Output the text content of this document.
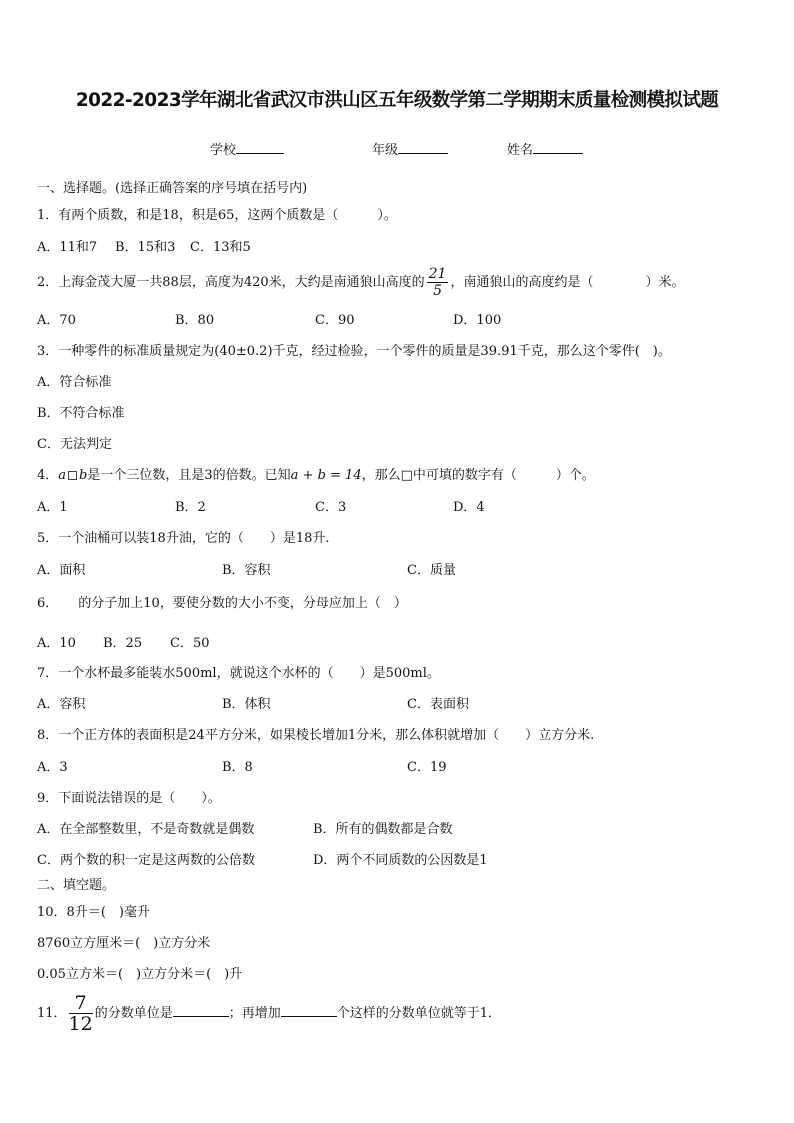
2022-2023学年湖北省武汉市洪山区五年级数学第二学期期末质量检测模拟试题
学校	年级	姓名
一、选择题。(选择正确答案的序号填在括号内)
1．有两个质数，和是18，积是65，这两个质数是（　　　）。
A．11和7 B．15和3 C．13和5
2．上海金茂大厦一共88层，高度为420米，大约是南通狼山高度的 $\frac{21}{5}$ ，南通狼山的高度约是（　　　　）米。
A．70	B．80	C．90	D．100
3．一种零件的标准质量规定为(40±0.2)千克，经过检验，一个零件的质量是39.91千克，那么这个零件(　)。
A．符合标准
B．不符合标准
C．无法判定
4．a b是一个三位数，且是3的倍数。已知a + b = 14，那么□中可填的数字有（　　　）个。
A．1	B．2	C．3	D．4
5．一个油桶可以装18升油，它的（　　）是18升.
A．面积	B．容积	C．质量
6． 的分子加上10，要使分数的大小不变，分母应加上（　）
A．10 B．25 C．50
7．一个水杯最多能装水500ml，就说这个水杯的（　　）是500ml。
A．容积	B．体积	C．表面积
8．一个正方体的表面积是24平方分米，如果棱长增加1分米，那么体积就增加（　　）立方分米.
A．3	B．8	C．19
9．下面说法错误的是（　　）。
A．在全部整数里，不是奇数就是偶数	B．所有的偶数都是合数
C．两个数的积一定是这两数的公倍数	D．两个不同质数的公因数是1
二、填空题。
10．8升＝(　)毫升
8760立方厘米＝(　)立方分米
0.05立方米＝(　)立方分米＝(　)升
11． $\frac{7}{12}$ 的分数单位是	；再增加	个这样的分数单位就等于1．
